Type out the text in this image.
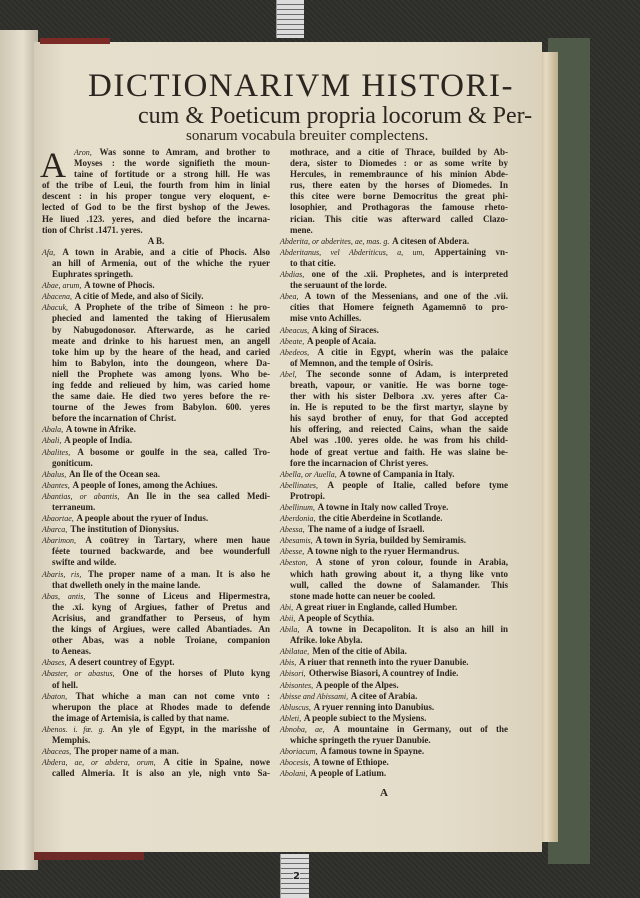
2
DICTIONARIVM HISTORI-
cum & Poeticum propria locorum & Per-
sonarum vocabula breuiter complectens.
A	Aron, Was sonne to Amram, and brother to
Moyses : the worde signifieth the moun-
taine of fortitude or a strong hill. He was
of the tribe of Leui, the fourth from him in linial
descent : in his proper tongue very eloquent, e-
lected of God to be the first byshop of the Jewes.
He liued .123. yeres, and died before the incarna-
tion of Christ .1471. yeres.
A B.
Afa, A town in Arabie, and a citie of Phocis. Also
an hill of Armenia, out of the whiche the ryuer
Euphrates springeth.
Abae, arum, A towne of Phocis.
Abacena, A citie of Mede, and also of Sicily.
Abacuk, A Prophete of the tribe of Simeon : he pro-
phecied and lamented the taking of Hierusalem
by Nabugodonosor. Afterwarde, as he caried
meate and drinke to his haruest men, an angell
toke him up by the heare of the head, and caried
him to Babylon, into the doungeon, where Da-
niell the Prophete was among lyons. Who be-
ing fedde and relieued by him, was caried home
the same daie. He died two yeres before the re-
tourne of the Jewes from Babylon. 600. yeres
before the incarnation of Christ.
Abala, A towne in Afrike.
Abali, A people of India.
Abalites, A bosome or goulfe in the sea, called Tro-
goniticum.
Abalus, An Ile of the Ocean sea.
Abantes, A people of Iones, among the Achiues.
Abantias, or abantis, An Ile in the sea called Medi-
terraneum.
Abaortae, A people about the ryuer of Indus.
Abarca, The institution of Dionysius.
Abarimon, A coūtrey in Tartary, where men haue
féete tourned backwarde, and bee wounderfull
swifte and wilde.
Abaris, ris, The proper name of a man. It is also he
that dwelleth onely in the maine lande.
Abas, antis, The sonne of Liceus and Hipermestra,
the .xi. kyng of Argiues, father of Pretus and
Acrisius, and grandfather to Perseus, of hym
the kings of Argiues, were called Abantiades. An
other Abas, was a noble Troiane, companion
to Aeneas.
Abases, A desert countrey of Egypt.
Abaster, or abastus, One of the horses of Pluto kyng
of hell.
Abaton, That whiche a man can not come vnto :
wherupon the place at Rhodes made to defende
the image of Artemisia, is called by that name.
Abenos. i. fœ. g. An yle of Egypt, in the marisshe of
Memphis.
Abaceas, The proper name of a man.
Abdera, ae, or abdera, orum, A citie in Spaine, nowe
called Almeria. It is also an yle, nigh vnto Sa-
mothrace, and a citie of Thrace, builded by Ab-
dera, sister to Diomedes : or as some write by
Hercules, in remembraunce of his minion Abde-
rus, there eaten by the horses of Diomedes. In
this citee were borne Democritus the great phi-
losophier, and Prothagoras the famouse rheto-
rician. This citie was afterward called Clazo-
mene.
Abderita, or abderites, ae, mas. g. A citesen of Abdera.
Abderitanus, vel Abderiticus, a, um, Appertaining vn-
to that citie.
Abdias, one of the .xii. Prophetes, and is interpreted
the seruaunt of the lorde.
Abea, A town of the Messenians, and one of the .vii.
cities that Homere feigneth Agamemnō to pro-
mise vnto Achilles.
Abeacus, A king of Siraces.
Abeate, A people of Acaia.
Abedeos, A citie in Egypt, wherin was the palaice
of Memnon, and the temple of Osiris.
Abel, The seconde sonne of Adam, is interpreted
breath, vapour, or vanitie. He was borne toge-
ther with his sister Delbora .xv. yeres after Ca-
in. He is reputed to be the first martyr, slayne by
his sayd brother of enuy, for that God accepted
his offering, and reiected Cains, whan the saide
Abel was .100. yeres olde. he was from his child-
hode of great vertue and faith. He was slaine be-
fore the incarnacion of Christ yeres.
Abella, or Auella, A towne of Campania in Italy.
Abellinates, A people of Italie, called before tyme
Protropi.
Abellinum, A towne in Italy now called Troye.
Aberdonia, the citie Aberdeine in Scotlande.
Abessa, The name of a iudge of Israell.
Abesamis, A town in Syria, builded by Semiramis.
Abesse, A towne nigh to the ryuer Hermandrus.
Abeston, A stone of yron colour, founde in Arabia,
which hath growing about it, a thyng like vnto
wull, called the downe of Salamander. This
stone made hotte can neuer be cooled.
Abi, A great riuer in Englande, called Humber.
Abii, A people of Scythia.
Abila, A towne in Decapoliton. It is also an hill in
Afrike. loke Abyla.
Abilatae, Men of the citie of Abila.
Abis, A riuer that renneth into the ryuer Danubie.
Abisori, Otherwise Biasori, A countrey of Indie.
Abisontes, A people of the Alpes.
Abisse and Abissami, A citee of Arabia.
Abluscus, A ryuer renning into Danubius.
Ableti, A people subiect to the Mysiens.
Abnoba, ae, A mountaine in Germany, out of the
whiche springeth the ryuer Danubie.
Aboriacum, A famous towne in Spayne.
Abocesis, A towne of Ethiope.
Abolani, A people of Latium.
A
